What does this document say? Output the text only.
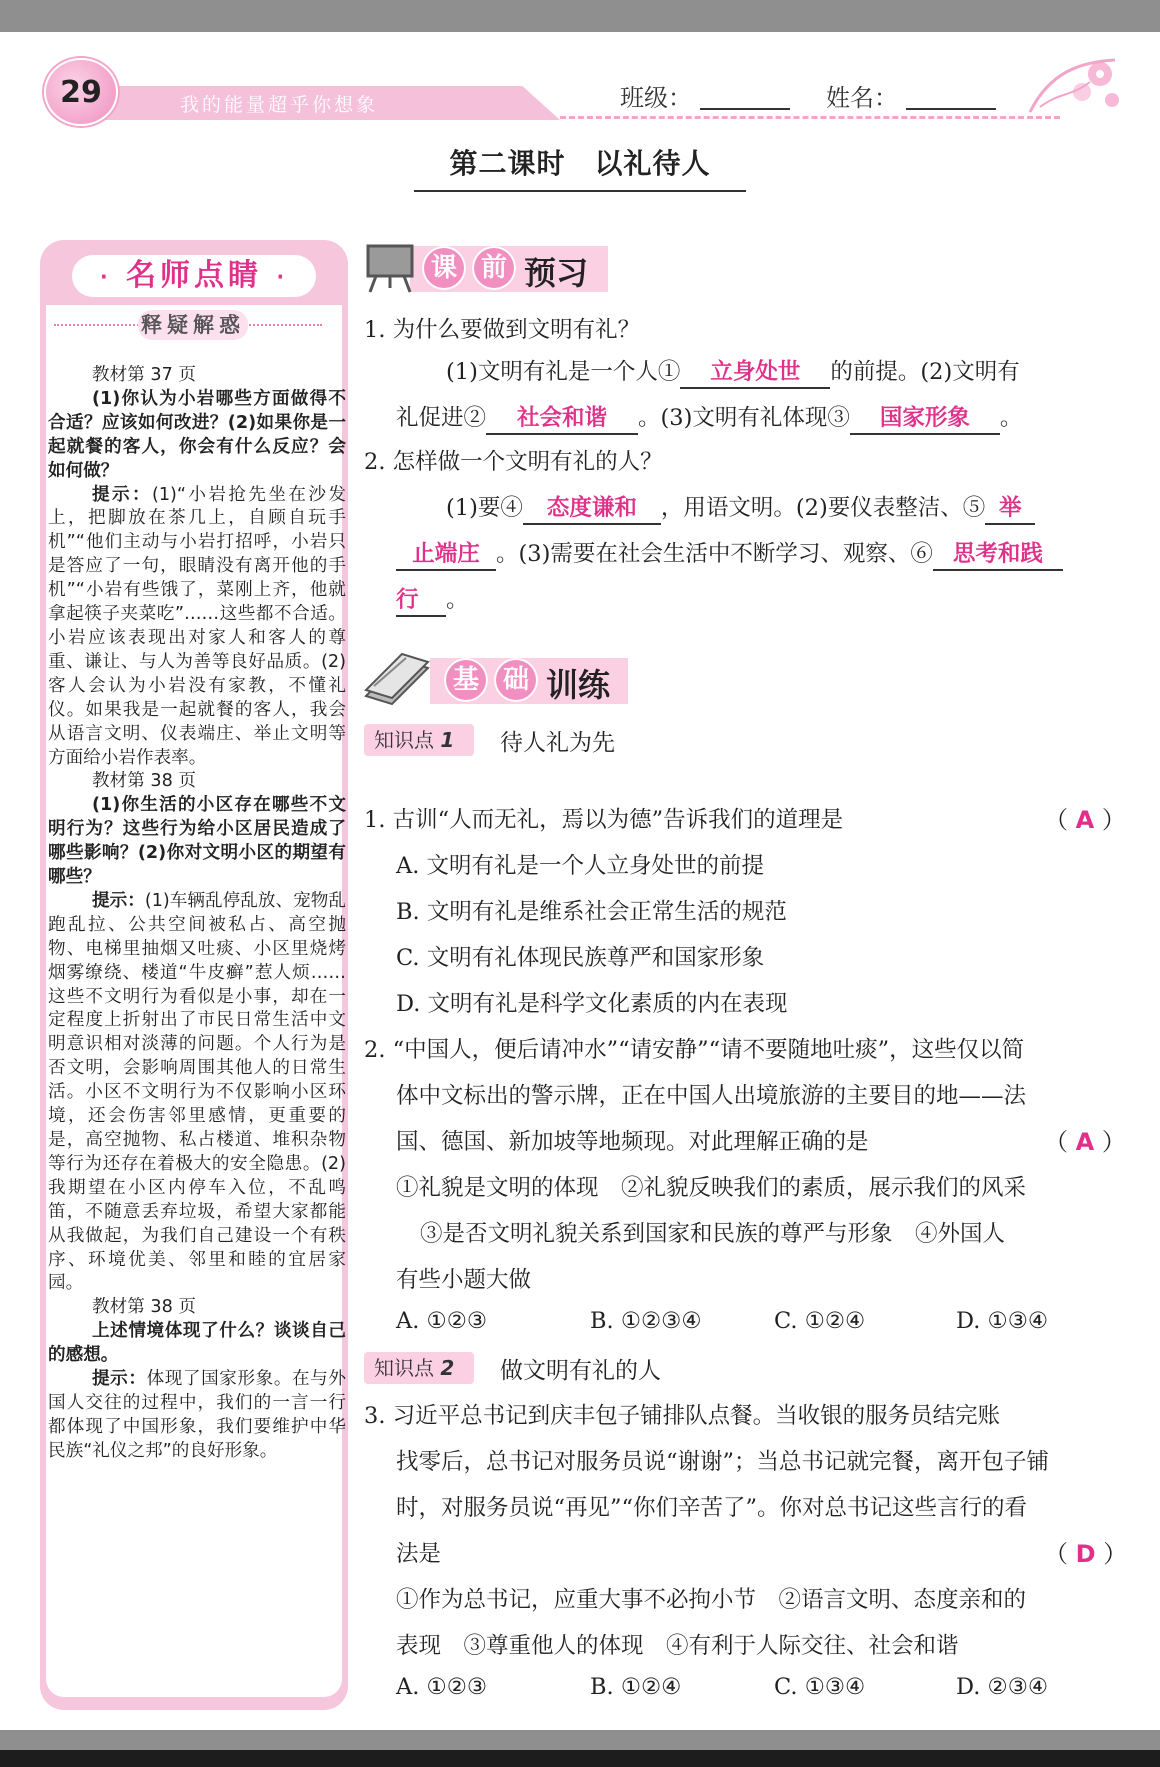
29	我的能量超乎你想象	班级：	姓名：
第二课时　以礼待人
· 名师点睛 ·
释疑解惑
教材第 37 页
(1)你认为小岩哪些方面做得不合适？应该如何改进？(2)如果你是一起就餐的客人，你会有什么反应？会如何做？
提示：(1)“小岩抢先坐在沙发上，把脚放在茶几上，自顾自玩手机”“他们主动与小岩打招呼，小岩只是答应了一句，眼睛没有离开他的手机”“小岩有些饿了，菜刚上齐，他就拿起筷子夹菜吃”……这些都不合适。小岩应该表现出对家人和客人的尊重、谦让、与人为善等良好品质。(2)客人会认为小岩没有家教，不懂礼仪。如果我是一起就餐的客人，我会从语言文明、仪表端庄、举止文明等方面给小岩作表率。
教材第 38 页
(1)你生活的小区存在哪些不文明行为？这些行为给小区居民造成了哪些影响？(2)你对文明小区的期望有哪些？
提示：(1)车辆乱停乱放、宠物乱跑乱拉、公共空间被私占、高空抛物、电梯里抽烟又吐痰、小区里烧烤烟雾缭绕、楼道“牛皮癣”惹人烦……这些不文明行为看似是小事，却在一定程度上折射出了市民日常生活中文明意识相对淡薄的问题。个人行为是否文明，会影响周围其他人的日常生活。小区不文明行为不仅影响小区环境，还会伤害邻里感情，更重要的是，高空抛物、私占楼道、堆积杂物等行为还存在着极大的安全隐患。(2)我期望在小区内停车入位，不乱鸣笛，不随意丢弃垃圾，希望大家都能从我做起，为我们自己建设一个有秩序、环境优美、邻里和睦的宜居家园。
教材第 38 页
上述情境体现了什么？谈谈自己的感想。
提示：体现了国家形象。在与外国人交往的过程中，我们的一言一行都体现了中国形象，我们要维护中华民族“礼仪之邦”的良好形象。
课 前 预习
1. 为什么要做到文明有礼？
(1)文明有礼是一个人① 立身处世 的前提。(2)文明有
礼促进② 社会和谐 。(3)文明有礼体现③ 国家形象 。
2. 怎样做一个文明有礼的人？
(1)要④ 态度谦和 ，用语文明。(2)要仪表整洁、⑤ 举
止端庄 。(3)需要在社会生活中不断学习、观察、⑥ 思考和践
行 。
基 础 训练
知识点 1	待人礼为先
1. 古训“人而无礼，焉以为德”告诉我们的道理是	（ A ）
A. 文明有礼是一个人立身处世的前提
B. 文明有礼是维系社会正常生活的规范
C. 文明有礼体现民族尊严和国家形象
D. 文明有礼是科学文化素质的内在表现
2. “中国人，便后请冲水”“请安静”“请不要随地吐痰”，这些仅以简
体中文标出的警示牌，正在中国人出境旅游的主要目的地——法
国、德国、新加坡等地频现。对此理解正确的是	（ A ）
①礼貌是文明的体现　②礼貌反映我们的素质，展示我们的风采
③是否文明礼貌关系到国家和民族的尊严与形象　④外国人
有些小题大做
A. ①②③	B. ①②③④	C. ①②④	D. ①③④
知识点 2	做文明有礼的人
3. 习近平总书记到庆丰包子铺排队点餐。当收银的服务员结完账
找零后，总书记对服务员说“谢谢”；当总书记就完餐，离开包子铺
时，对服务员说“再见”“你们辛苦了”。你对总书记这些言行的看
法是	（ D ）
①作为总书记，应重大事不必拘小节　②语言文明、态度亲和的
表现　③尊重他人的体现　④有利于人际交往、社会和谐
A. ①②③	B. ①②④	C. ①③④	D. ②③④
